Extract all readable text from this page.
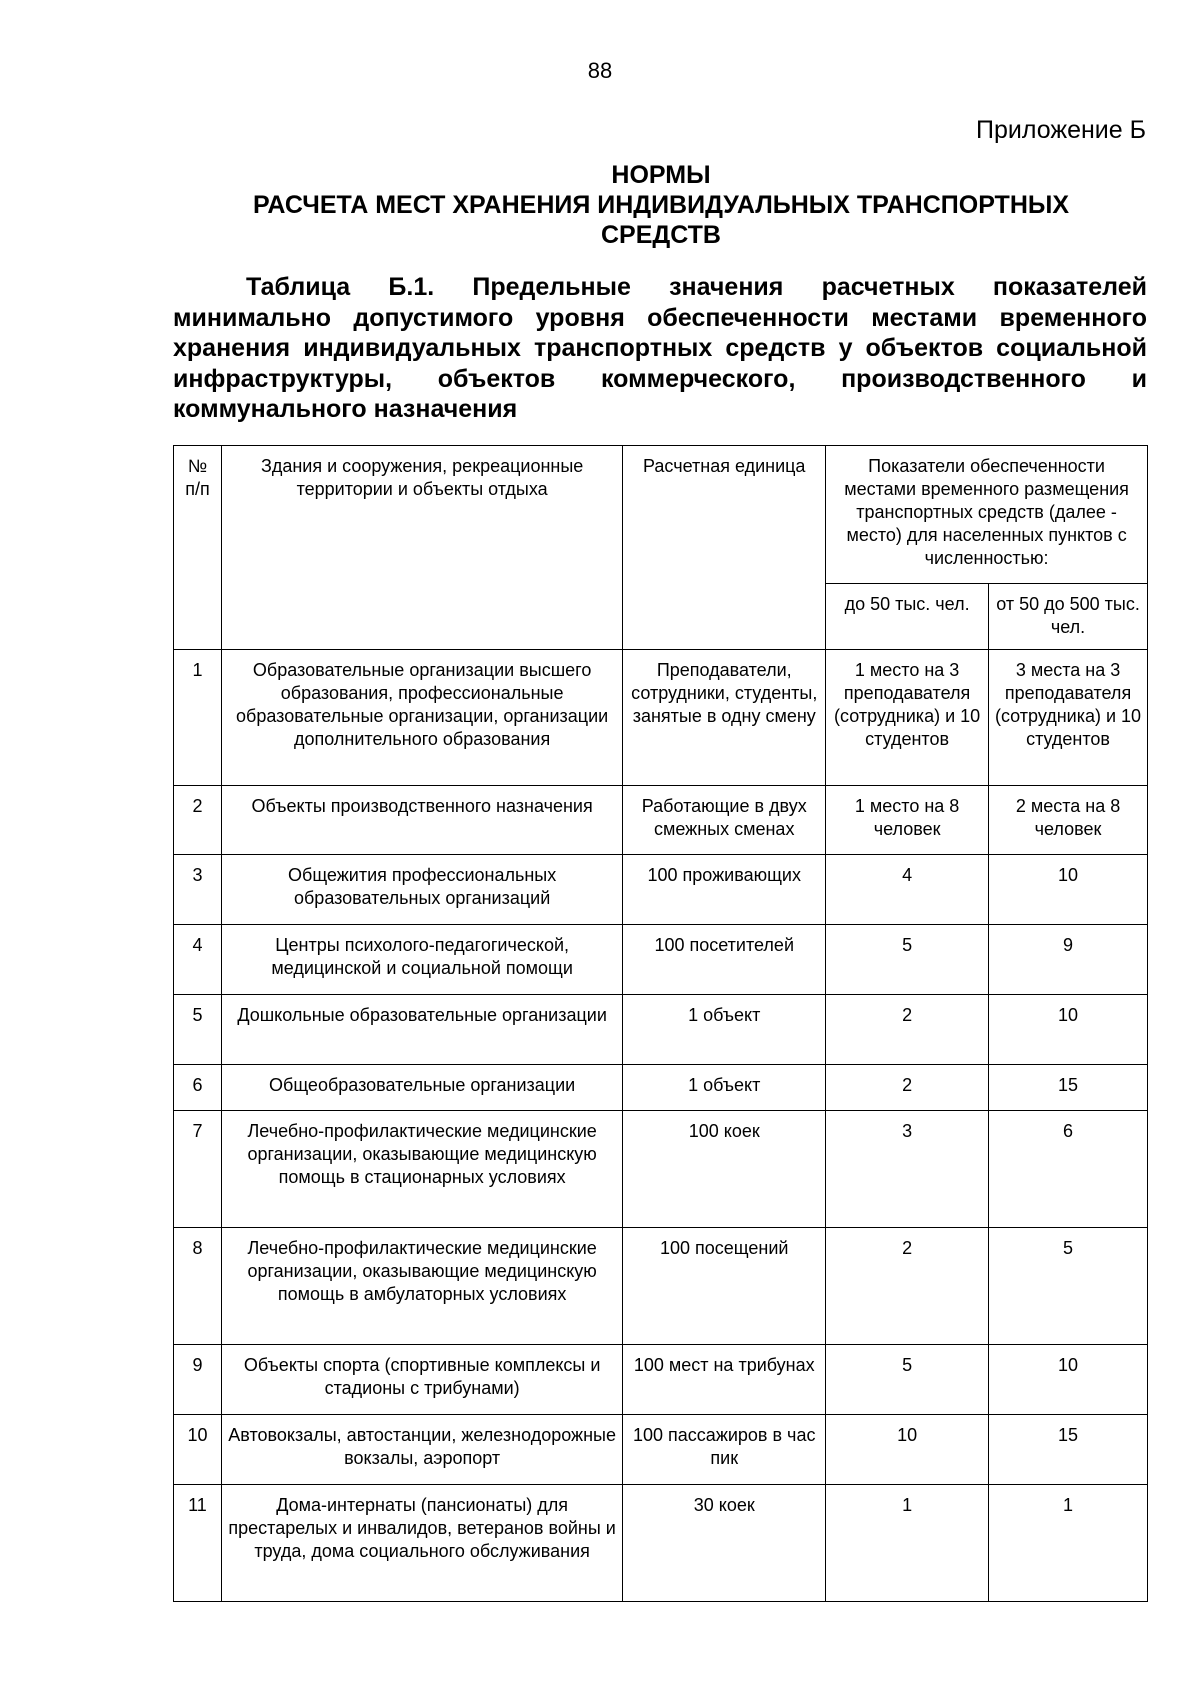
88
Приложение Б
НОРМЫ
РАСЧЕТА МЕСТ ХРАНЕНИЯ ИНДИВИДУАЛЬНЫХ ТРАНСПОРТНЫХ
СРЕДСТВ
Таблица Б.1. Предельные значения расчетных показателей минимально допустимого уровня обеспеченности местами временного хранения индивидуальных транспортных средств у объектов социальной инфраструктуры, объектов коммерческого, производственного и коммунального назначения
№ п/п	Здания и сооружения, рекреационные территории и объекты отдыха	Расчетная единица	Показатели обеспеченности местами временного размещения транспортных средств (далее - место) для населенных пунктов с численностью:	
			до 50 тыс. чел.	от 50 до 500 тыс. чел.
1	Образовательные организации высшего образования, профессиональные образовательные организации, организации дополнительного образования	Преподаватели, сотрудники, студенты, занятые в одну смену	1 место на 3 преподавателя (сотрудника) и 10 студентов	3 места на 3 преподавателя (сотрудника) и 10 студентов
2	Объекты производственного назначения	Работающие в двух смежных сменах	1 место на 8 человек	2 места на 8 человек
3	Общежития профессиональных образовательных организаций	100 проживающих	4	10
4	Центры психолого-педагогической, медицинской и социальной помощи	100 посетителей	5	9
5	Дошкольные образовательные организации	1 объект	2	10
6	Общеобразовательные организации	1 объект	2	15
7	Лечебно-профилактические медицинские организации, оказывающие медицинскую помощь в стационарных условиях	100 коек	3	6
8	Лечебно-профилактические медицинские организации, оказывающие медицинскую помощь в амбулаторных условиях	100 посещений	2	5
9	Объекты спорта (спортивные комплексы и стадионы с трибунами)	100 мест на трибунах	5	10
10	Автовокзалы, автостанции, железнодорожные вокзалы, аэропорт	100 пассажиров в час пик	10	15
11	Дома-интернаты (пансионаты) для престарелых и инвалидов, ветеранов войны и труда, дома социального обслуживания	30 коек	1	1
